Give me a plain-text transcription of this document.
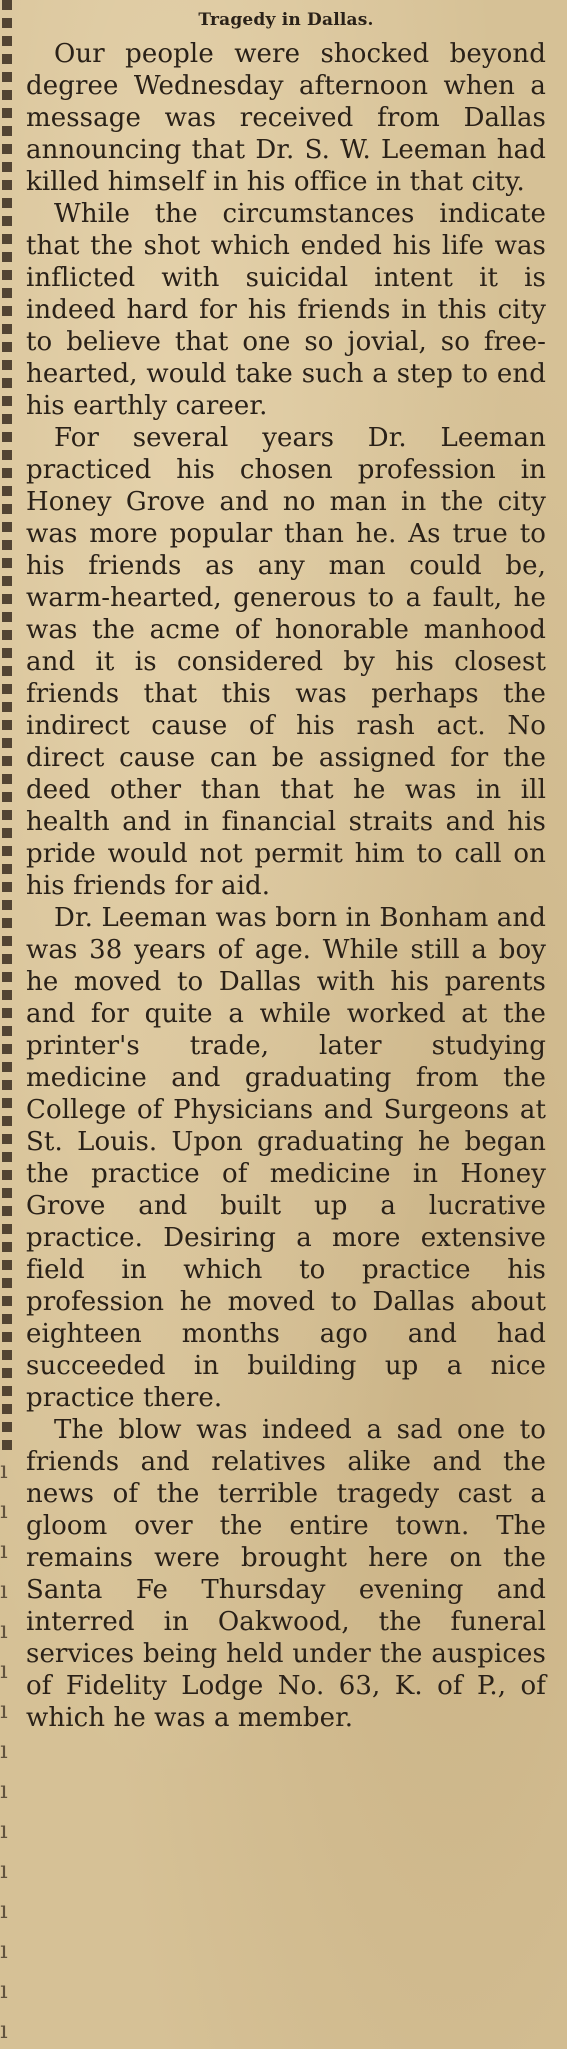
ı
ı
ı
ı
ı
ı
ı
ı
ı
ı
ı
ı
ı
ı
ı
Tragedy in Dallas.

Our people were shocked beyond degree Wednesday afternoon when a message was received from Dallas announcing that Dr. S. W. Leeman had killed himself in his office in that city.

While the circumstances indicate that the shot which ended his life was inflicted with suicidal intent it is indeed hard for his friends in this city to believe that one so jovial, so free-hearted, would take such a step to end his earthly career.

For several years Dr. Leeman practiced his chosen profession in Honey Grove and no man in the city was more popular than he. As true to his friends as any man could be, warm-hearted, generous to a fault, he was the acme of honorable manhood and it is considered by his closest friends that this was perhaps the indirect cause of his rash act. No direct cause can be assigned for the deed other than that he was in ill health and in financial straits and his pride would not permit him to call on his friends for aid.

Dr. Leeman was born in Bonham and was 38 years of age. While still a boy he moved to Dallas with his parents and for quite a while worked at the printer's trade, later studying medicine and graduating from the College of Physicians and Surgeons at St. Louis. Upon graduating he began the practice of medicine in Honey Grove and built up a lucrative practice. Desiring a more extensive field in which to practice his profession he moved to Dallas about eighteen months ago and had succeeded in building up a nice practice there.

The blow was indeed a sad one to friends and relatives alike and the news of the terrible tragedy cast a gloom over the entire town. The remains were brought here on the Santa Fe Thursday evening and interred in Oakwood, the funeral services being held under the auspices of Fidelity Lodge No. 63, K. of P., of which he was a member.
